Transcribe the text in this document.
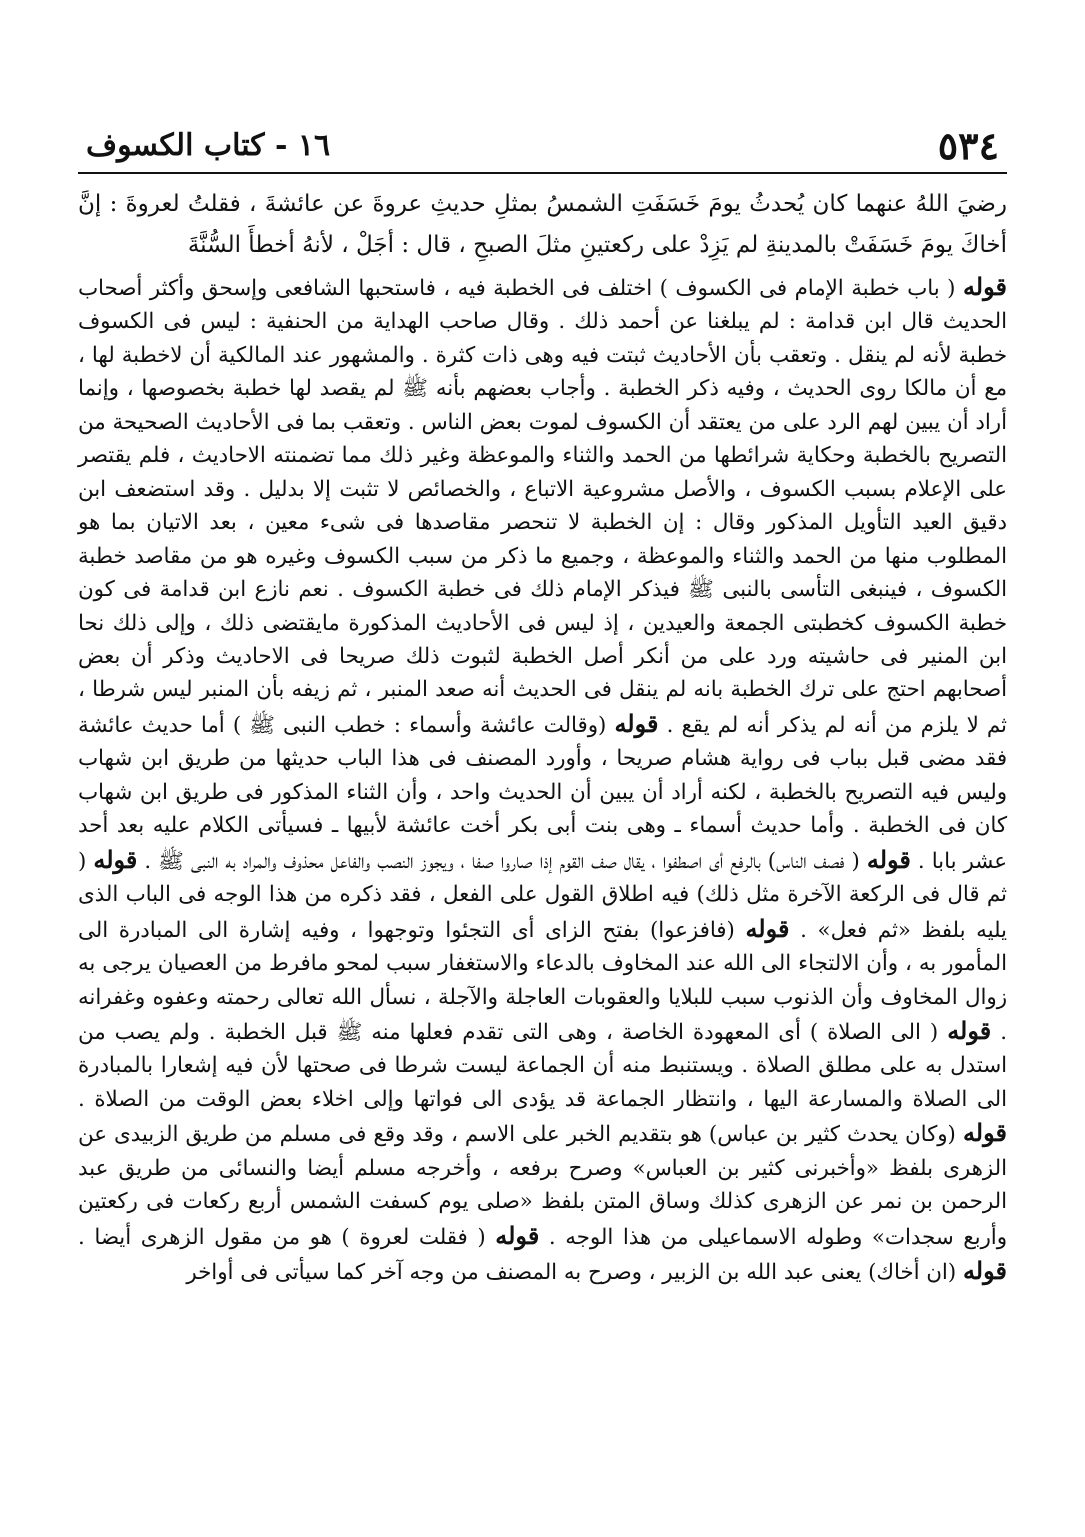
٥٣٤
١٦ - كتاب الكسوف
رضيَ اللهُ عنهما كان يُحدثُ يومَ خَسَفَتِ الشمسُ بمثلِ حديثِ عروةَ عن عائشةَ ، فقلتُ لعروةَ : إنَّ أخاكَ يومَ خَسَفَتْ بالمدينةِ لم يَزِدْ على ركعتينِ مثلَ الصبحِ ، قال : أجَلْ ، لأنهُ أخطأَ السُّنَّةَ

قوله ( باب خطبة الإمام فى الكسوف ) اختلف فى الخطبة فيه ، فاستحبها الشافعى وإسحق وأكثر أصحاب الحديث قال ابن قدامة : لم يبلغنا عن أحمد ذلك . وقال صاحب الهداية من الحنفية : ليس فى الكسوف خطبة لأنه لم ينقل . وتعقب بأن الأحاديث ثبتت فيه وهى ذات كثرة . والمشهور عند المالكية أن لاخطبة لها ، مع أن مالكا روى الحديث ، وفيه ذكر الخطبة . وأجاب بعضهم بأنه ﷺ لم يقصد لها خطبة بخصوصها ، وإنما أراد أن يبين لهم الرد على من يعتقد أن الكسوف لموت بعض الناس . وتعقب بما فى الأحاديث الصحيحة من التصريح بالخطبة وحكاية شرائطها من الحمد والثناء والموعظة وغير ذلك مما تضمنته الاحاديث ، فلم يقتصر على الإعلام بسبب الكسوف ، والأصل مشروعية الاتباع ، والخصائص لا تثبت إلا بدليل . وقد استضعف ابن دقيق العيد التأويل المذكور وقال : إن الخطبة لا تنحصر مقاصدها فى شىء معين ، بعد الاتيان بما هو المطلوب منها من الحمد والثناء والموعظة ، وجميع ما ذكر من سبب الكسوف وغيره هو من مقاصد خطبة الكسوف ، فينبغى التأسى بالنبى ﷺ فيذكر الإمام ذلك فى خطبة الكسوف . نعم نازع ابن قدامة فى كون خطبة الكسوف كخطبتى الجمعة والعيدين ، إذ ليس فى الأحاديث المذكورة مايقتضى ذلك ، وإلى ذلك نحا ابن المنير فى حاشيته ورد على من أنكر أصل الخطبة لثبوت ذلك صريحا فى الاحاديث وذكر أن بعض أصحابهم احتج على ترك الخطبة بانه لم ينقل فى الحديث أنه صعد المنبر ، ثم زيفه بأن المنبر ليس شرطا ، ثم لا يلزم من أنه لم يذكر أنه لم يقع . قوله (وقالت عائشة وأسماء : خطب النبى ﷺ ) أما حديث عائشة فقد مضى قبل بباب فى رواية هشام صريحا ، وأورد المصنف فى هذا الباب حديثها من طريق ابن شهاب وليس فيه التصريح بالخطبة ، لكنه أراد أن يبين أن الحديث واحد ، وأن الثناء المذكور فى طريق ابن شهاب كان فى الخطبة . وأما حديث أسماء ـ وهى بنت أبى بكر أخت عائشة لأبيها ـ فسيأتى الكلام عليه بعد أحد عشر بابا . قوله ( فصف الناس) بالرفع أى اصطفوا ، يقال صف القوم إذا صاروا صفا ، ويجوز النصب والفاعل محذوف والمراد به النبى ﷺ . قوله ( ثم قال فى الركعة الآخرة مثل ذلك) فيه اطلاق القول على الفعل ، فقد ذكره من هذا الوجه فى الباب الذى يليه بلفظ «ثم فعل» . قوله (فافزعوا) بفتح الزاى أى التجئوا وتوجهوا ، وفيه إشارة الى المبادرة الى المأمور به ، وأن الالتجاء الى الله عند المخاوف بالدعاء والاستغفار سبب لمحو مافرط من العصيان يرجى به زوال المخاوف وأن الذنوب سبب للبلايا والعقوبات العاجلة والآجلة ، نسأل الله تعالى رحمته وعفوه وغفرانه . قوله ( الى الصلاة ) أى المعهودة الخاصة ، وهى التى تقدم فعلها منه ﷺ قبل الخطبة . ولم يصب من استدل به على مطلق الصلاة . ويستنبط منه أن الجماعة ليست شرطا فى صحتها لأن فيه إشعارا بالمبادرة الى الصلاة والمسارعة اليها ، وانتظار الجماعة قد يؤدى الى فواتها وإلى اخلاء بعض الوقت من الصلاة . قوله (وكان يحدث كثير بن عباس) هو بتقديم الخبر على الاسم ، وقد وقع فى مسلم من طريق الزبيدى عن الزهرى بلفظ «وأخبرنى كثير بن العباس» وصرح برفعه ، وأخرجه مسلم أيضا والنسائى من طريق عبد الرحمن بن نمر عن الزهرى كذلك وساق المتن بلفظ «صلى يوم كسفت الشمس أربع ركعات فى ركعتين وأربع سجدات» وطوله الاسماعيلى من هذا الوجه . قوله ( فقلت لعروة ) هو من مقول الزهرى أيضا . قوله (ان أخاك) يعنى عبد الله بن الزبير ، وصرح به المصنف من وجه آخر كما سيأتى فى أواخر
